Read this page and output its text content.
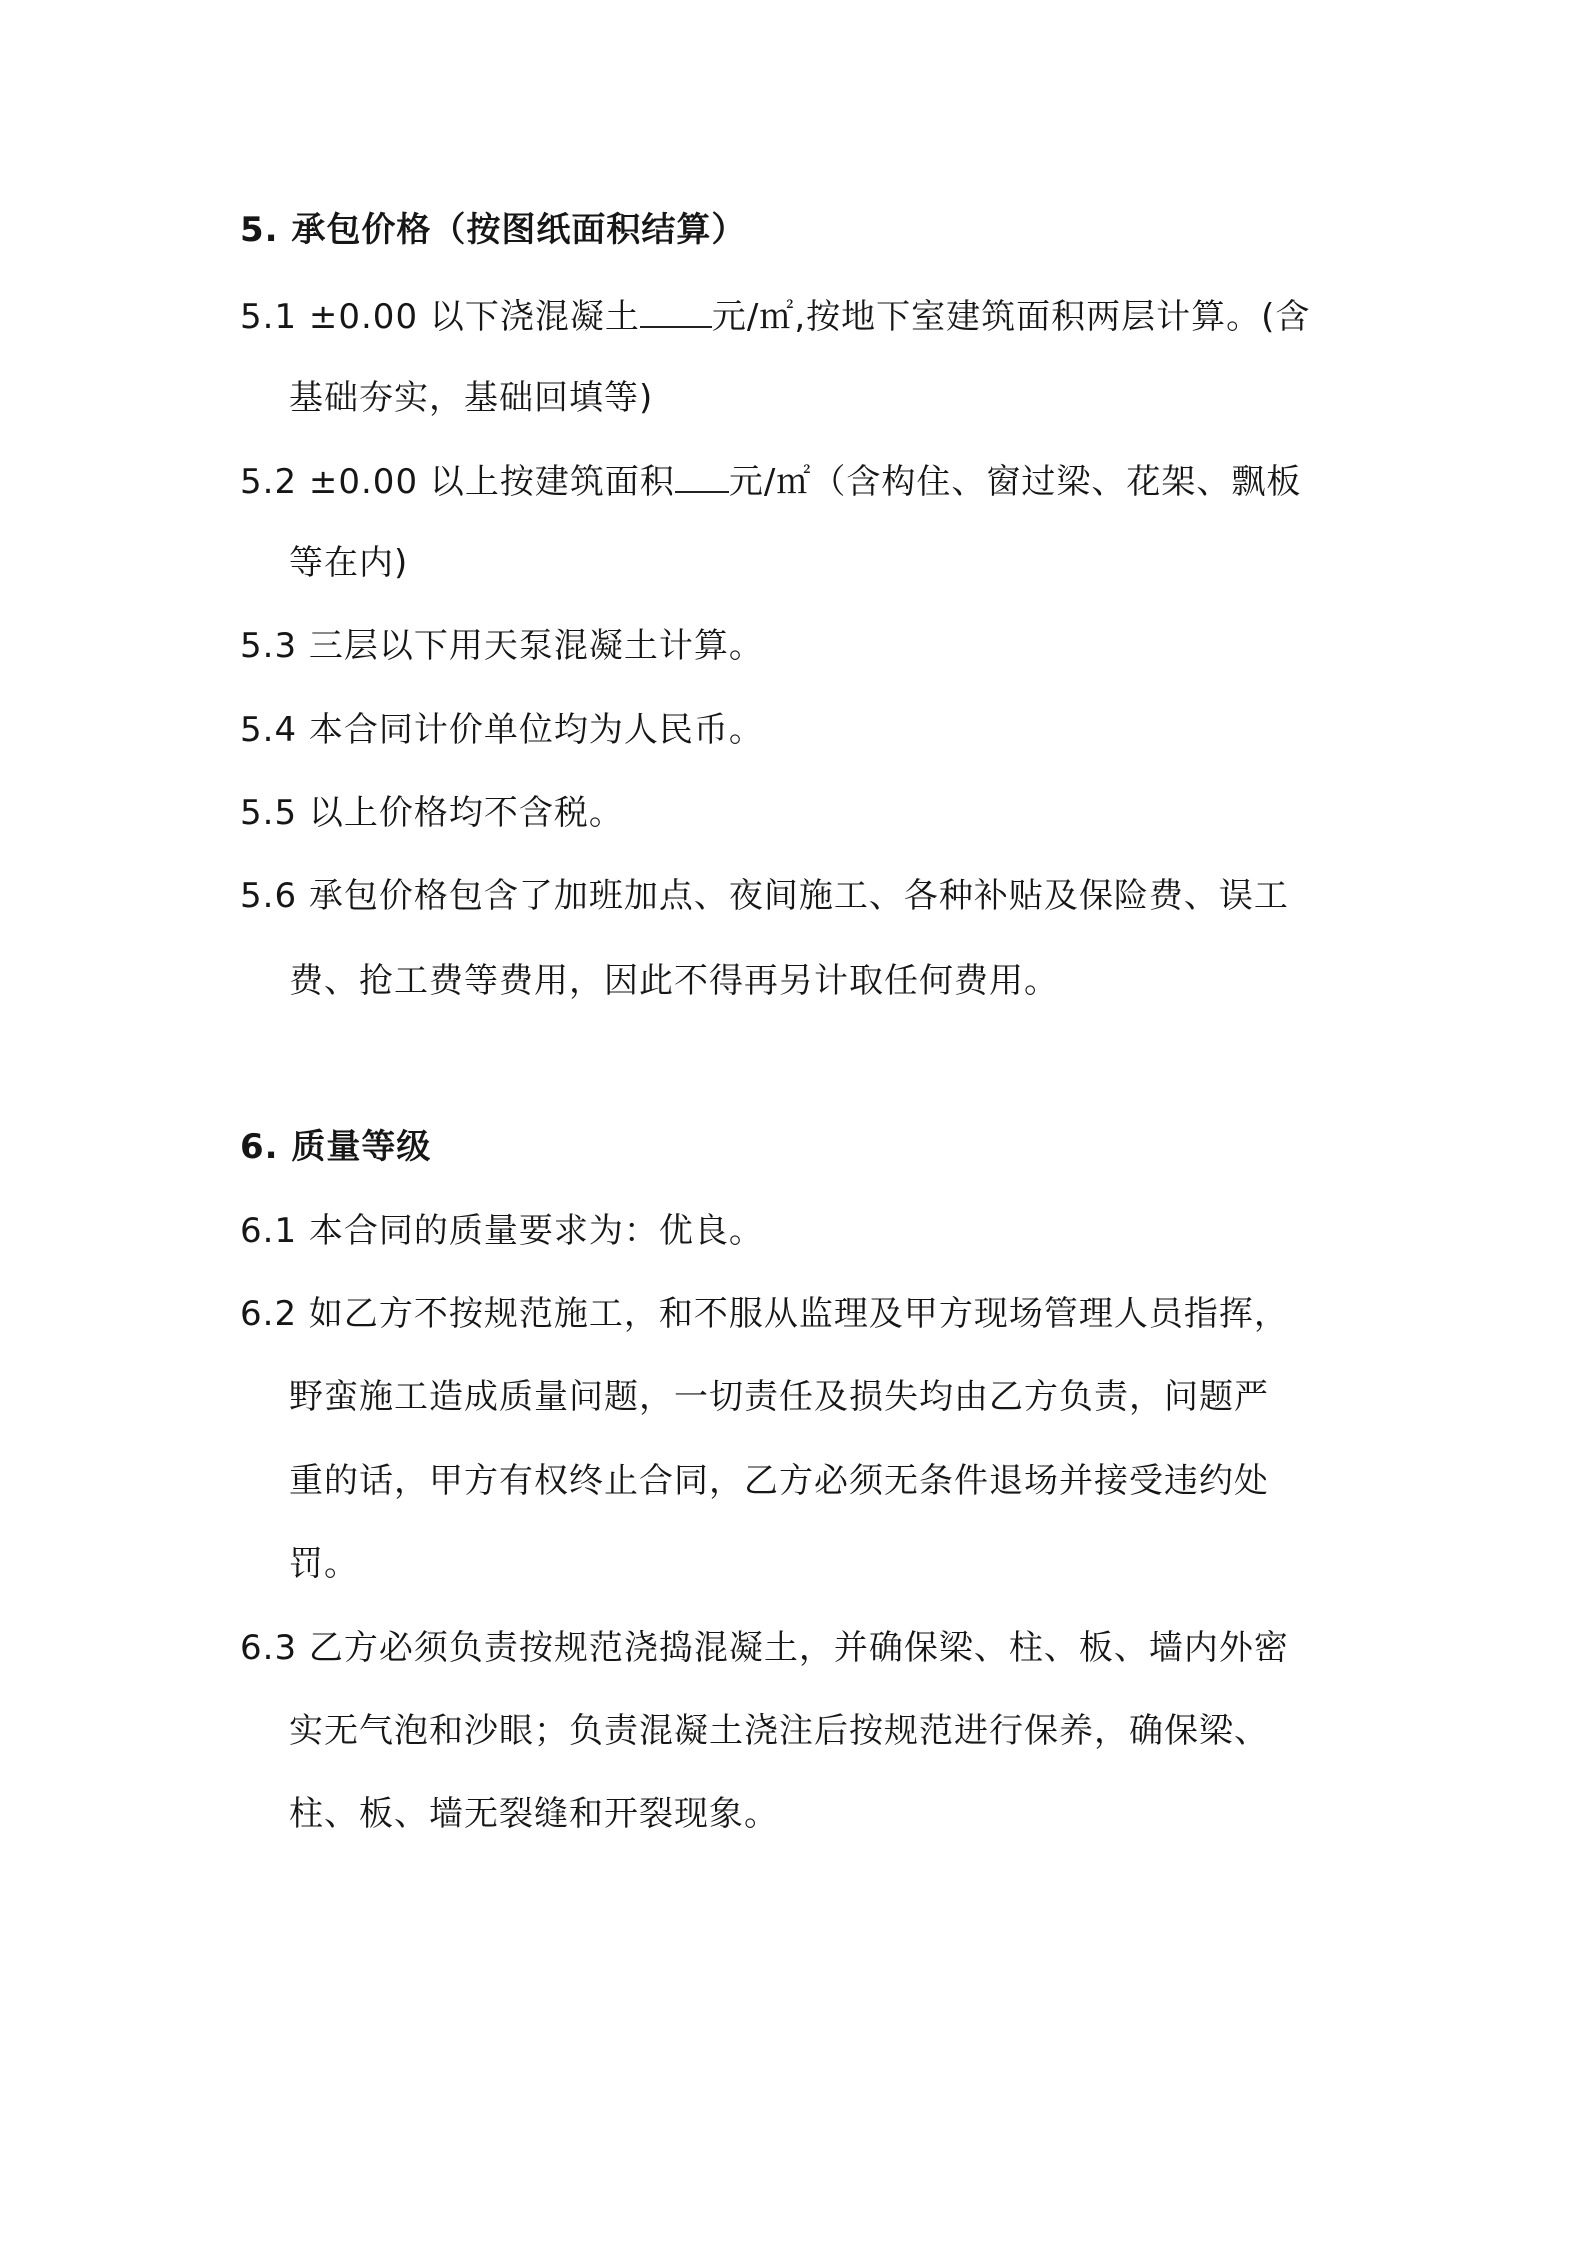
5. 承包价格（按图纸面积结算）
5.1 ±0.00 以下浇混凝土 元/㎡,按地下室建筑面积两层计算。(含
基础夯实，基础回填等)
5.2 ±0.00 以上按建筑面积 元/㎡（含构住、窗过梁、花架、飘板
等在内)
5.3 三层以下用天泵混凝土计算。
5.4 本合同计价单位均为人民币。
5.5 以上价格均不含税。
5.6 承包价格包含了加班加点、夜间施工、各种补贴及保险费、误工
费、抢工费等费用，因此不得再另计取任何费用。
6. 质量等级
6.1 本合同的质量要求为：优良。
6.2 如乙方不按规范施工，和不服从监理及甲方现场管理人员指挥，
野蛮施工造成质量问题，一切责任及损失均由乙方负责，问题严
重的话，甲方有权终止合同，乙方必须无条件退场并接受违约处
罚。
6.3 乙方必须负责按规范浇捣混凝土，并确保梁、柱、板、墙内外密
实无气泡和沙眼；负责混凝土浇注后按规范进行保养，确保梁、
柱、板、墙无裂缝和开裂现象。
